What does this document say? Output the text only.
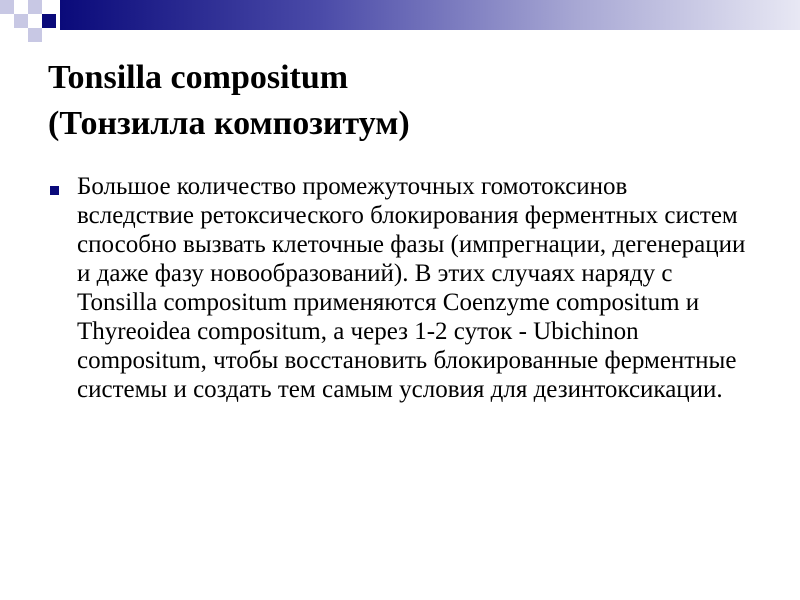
Tonsilla compositum
(Тонзилла композитум)

Большое количество промежуточных гомотоксинов вследствие ретоксического блокирования ферментных систем способно вызвать клеточные фазы (импрегнации, дегенерации и даже фазу новообразований). В этих случаях наряду с Tonsilla compositum применяются Coenzyme compositum и Thyreoidea compositum, а через 1-2 суток - Ubichinon compositum, чтобы восстановить блокированные ферментные системы и создать тем самым условия для дезинтоксикации.
